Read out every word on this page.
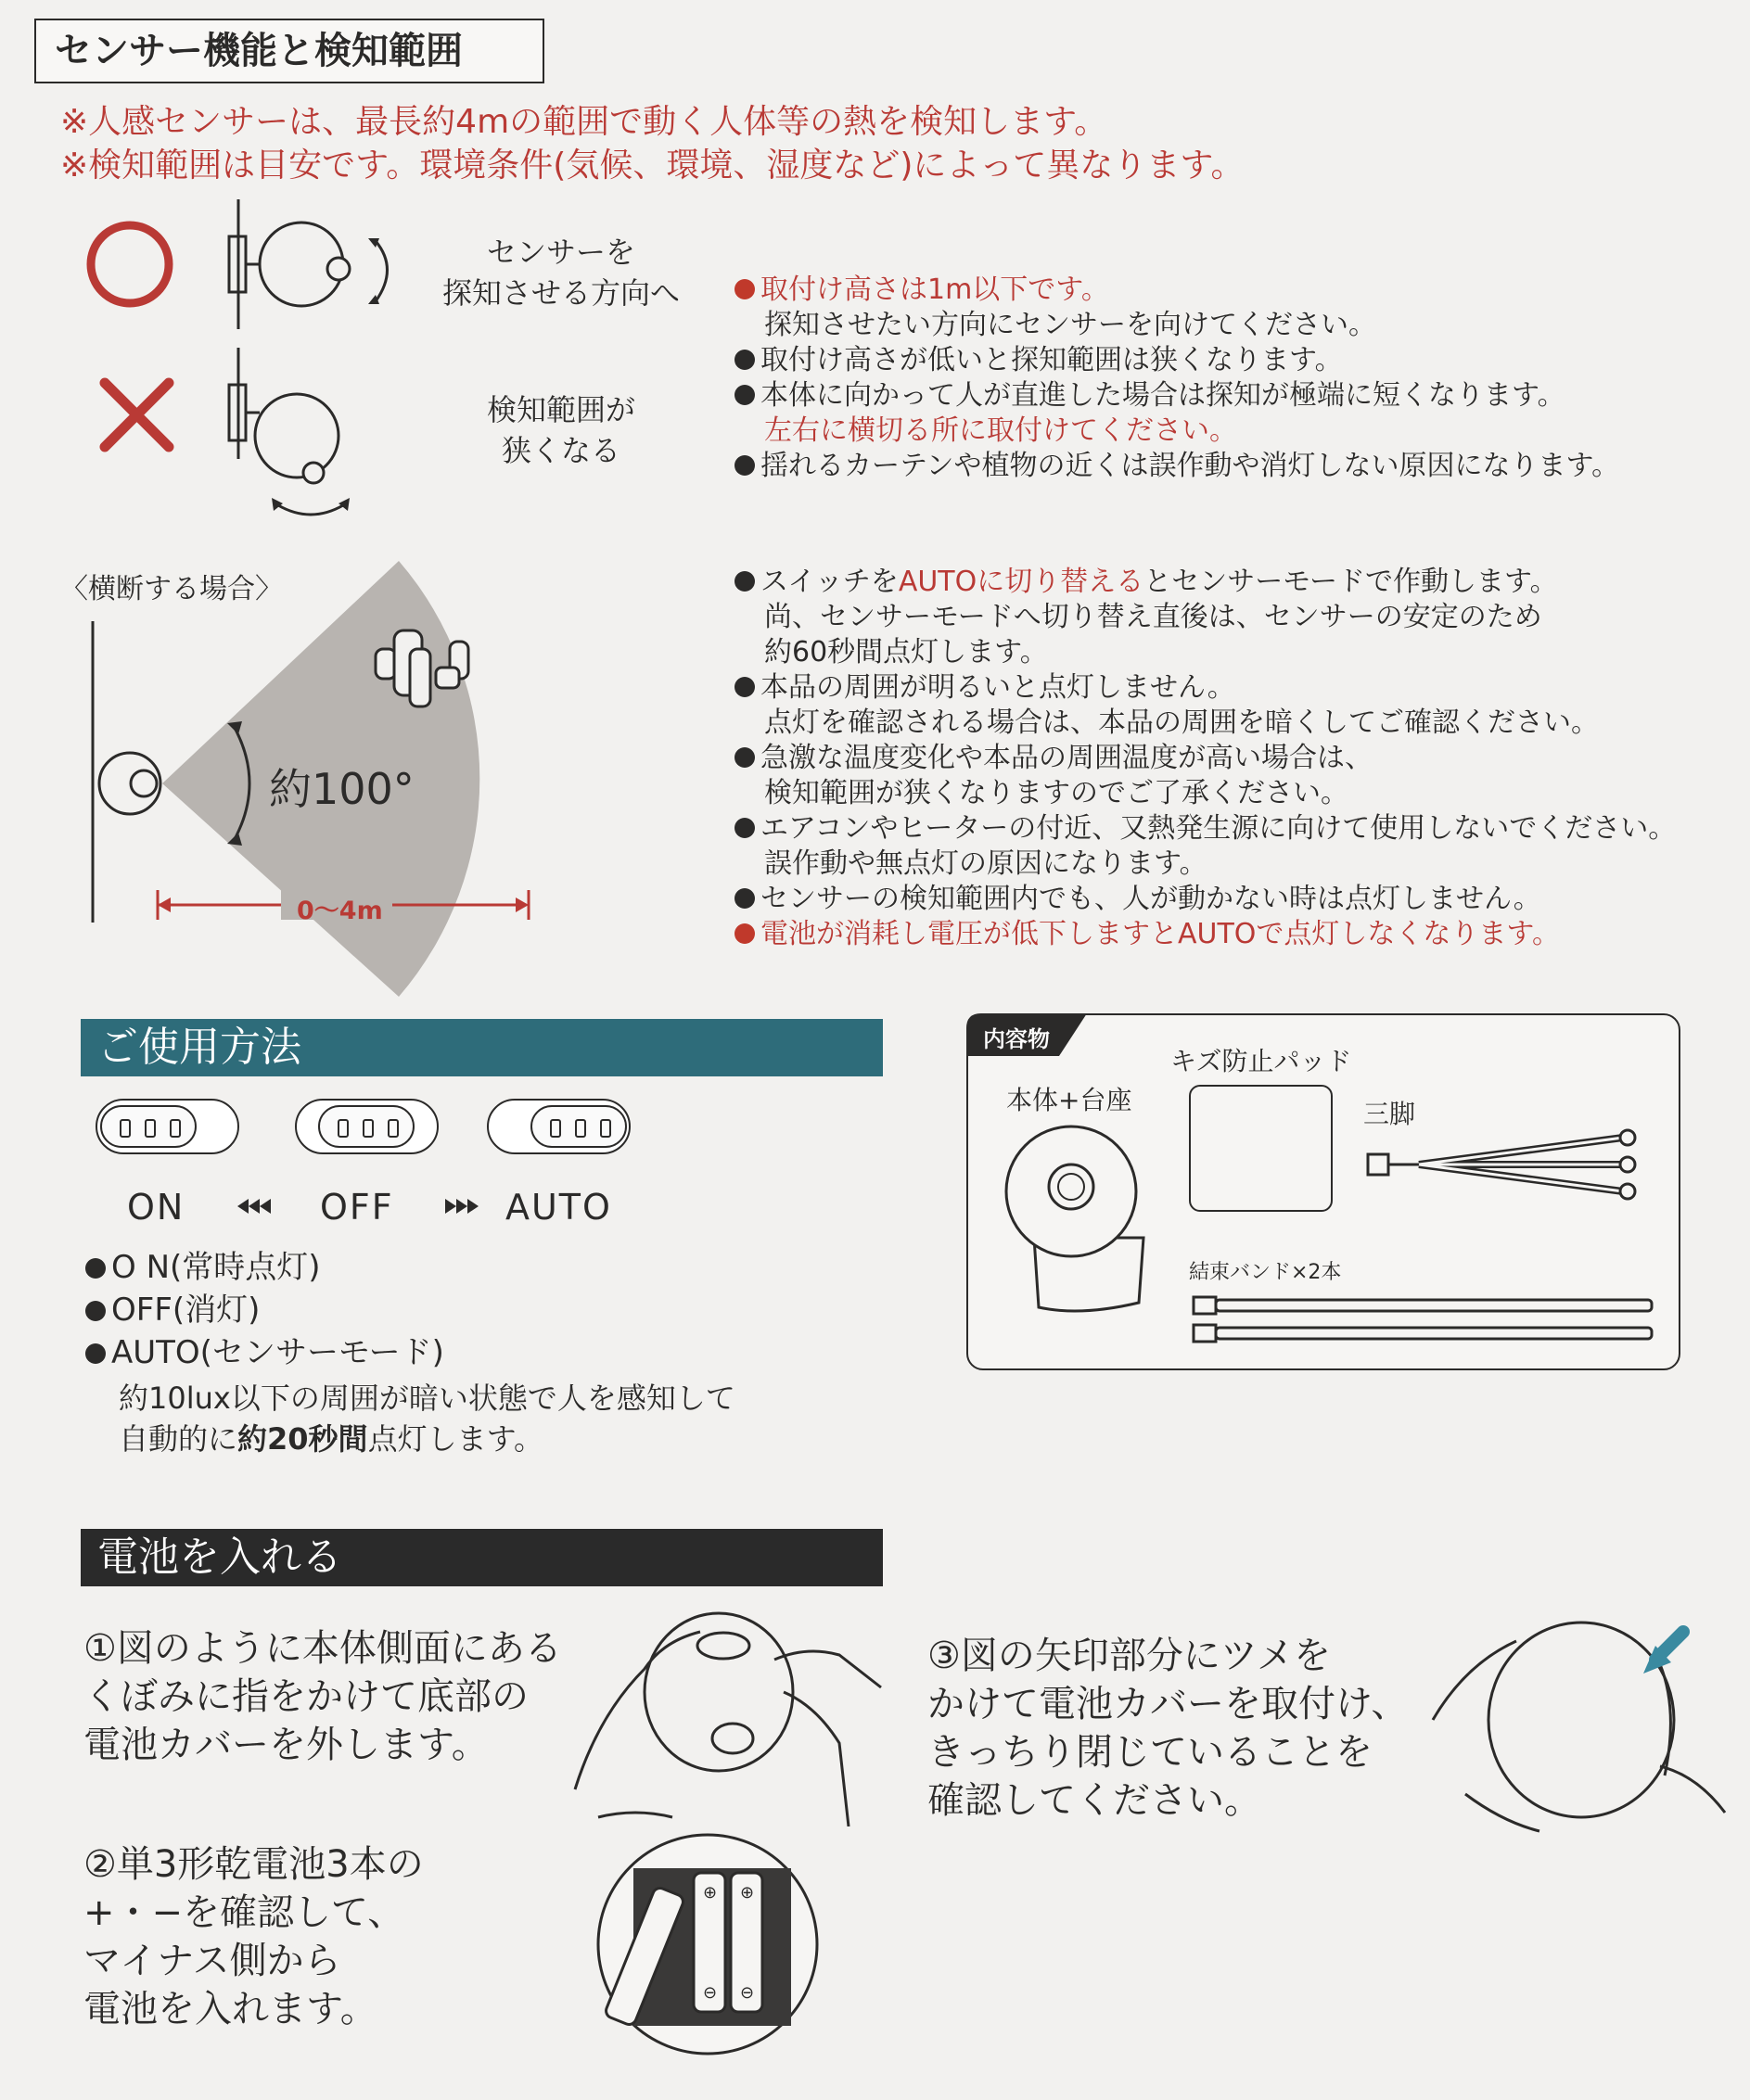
センサー機能と検知範囲
※人感センサーは、最長約4mの範囲で動く人体等の熱を検知します。
※検知範囲は目安です。環境条件(気候、環境、湿度など)によって異なります。
センサーを
探知させる方向へ
検知範囲が
狭くなる
取付け高さは1m以下です。
探知させたい方向にセンサーを向けてください。
取付け高さが低いと探知範囲は狭くなります。
本体に向かって人が直進した場合は探知が極端に短くなります。
左右に横切る所に取付けてください。
揺れるカーテンや植物の近くは誤作動や消灯しない原因になります。
〈横断する場合〉
約100°
0〜4m
スイッチをAUTOに切り替えるとセンサーモードで作動します。
尚、センサーモードへ切り替え直後は、センサーの安定のため
約60秒間点灯します。
本品の周囲が明るいと点灯しません。
点灯を確認される場合は、本品の周囲を暗くしてご確認ください。
急激な温度変化や本品の周囲温度が高い場合は、
検知範囲が狭くなりますのでご了承ください。
エアコンやヒーターの付近、又熱発生源に向けて使用しないでください。
誤作動や無点灯の原因になります。
センサーの検知範囲内でも、人が動かない時は点灯しません。
電池が消耗し電圧が低下しますとAUTOで点灯しなくなります。
ご使用方法
ON	OFF	AUTO
O N(常時点灯)
OFF(消灯)
AUTO(センサーモード)
約10lux以下の周囲が暗い状態で人を感知して
自動的に約20秒間点灯します。
内容物
本体+台座
キズ防止パッド
三脚
結束バンド×2本
電池を入れる
①図のように本体側面にある
くぼみに指をかけて底部の
電池カバーを外します。
②単3形乾電池3本の
+・−を確認して、
マイナス側から
電池を入れます。
⊕
⊖
⊕
⊖
③図の矢印部分にツメを
かけて電池カバーを取付け、
きっちり閉じていることを
確認してください。
